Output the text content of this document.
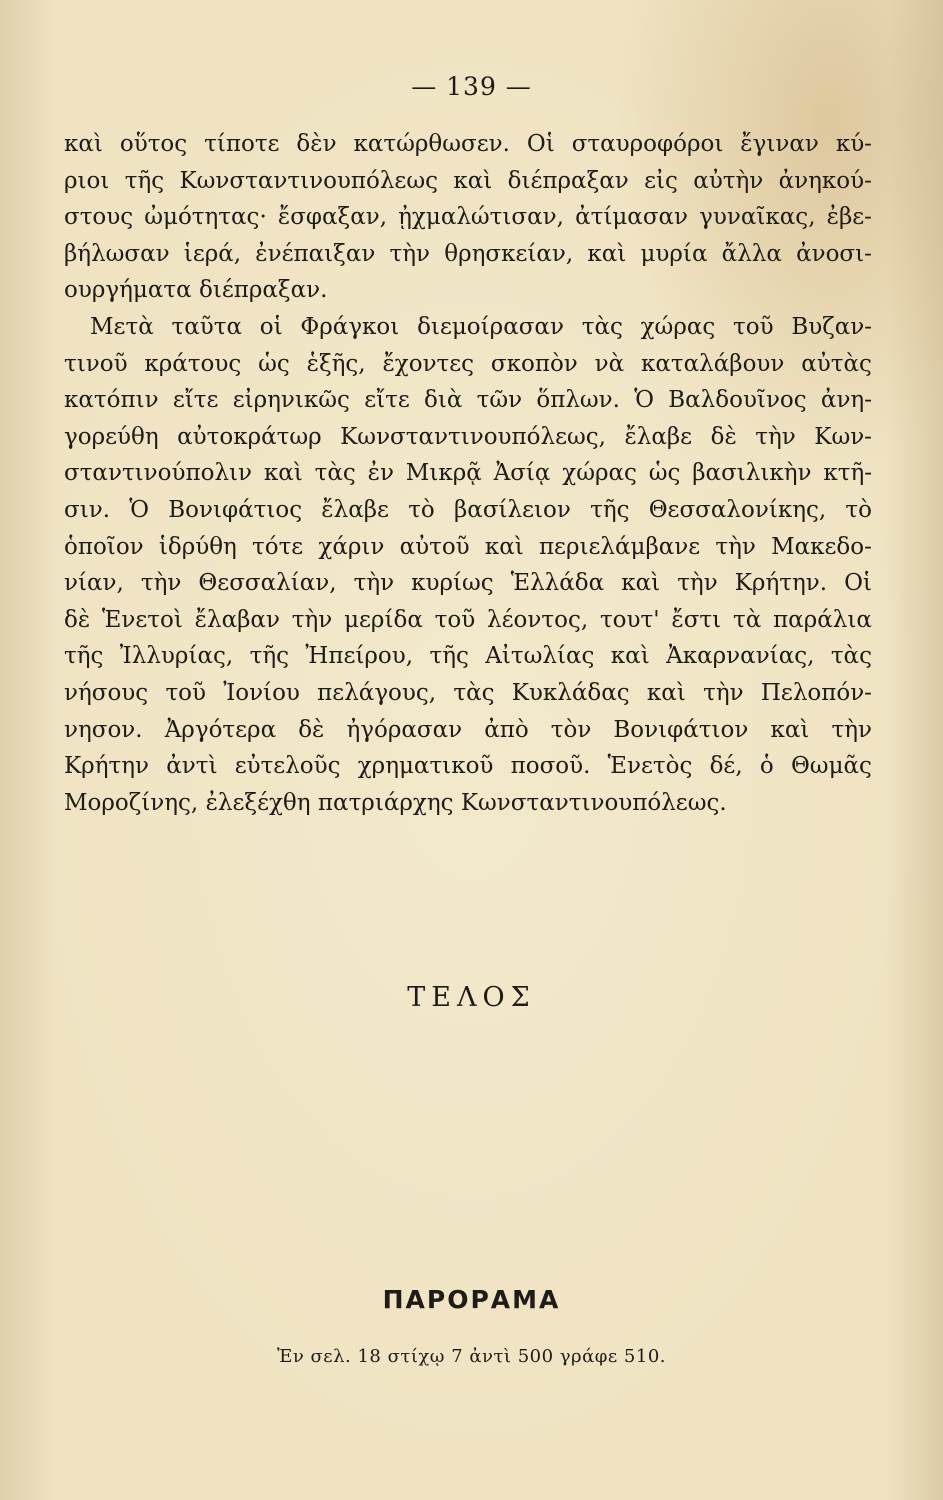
— 139 —
καὶ οὕτος τίποτε δὲν κατώρθωσεν. Οἱ σταυροφόροι ἔγιναν κύ-
ριοι τῆς Κωνσταντινουπόλεως καὶ διέπραξαν εἰς αὐτὴν ἀνηκού-
στους ὠμότητας· ἔσφαξαν, ᾐχμαλώτισαν, ἀτίμασαν γυναῖκας, ἐβε-
βήλωσαν ἱερά, ἐνέπαιξαν τὴν θρησκείαν, καὶ μυρία ἄλλα ἀνοσι-
ουργήματα διέπραξαν.
Μετὰ ταῦτα οἱ Φράγκοι διεμοίρασαν τὰς χώρας τοῦ Βυζαν-
τινοῦ κράτους ὡς ἑξῆς, ἔχοντες σκοπὸν νὰ καταλάβουν αὐτὰς
κατόπιν εἴτε εἰρηνικῶς εἴτε διὰ τῶν ὅπλων. Ὁ Βαλδουῖνος ἀνη-
γορεύθη αὐτοκράτωρ Κωνσταντινουπόλεως, ἔλαβε δὲ τὴν Κων-
σταντινούπολιν καὶ τὰς ἐν Μικρᾷ Ἀσίᾳ χώρας ὡς βασιλικὴν κτῆ-
σιν. Ὁ Βονιφάτιος ἔλαβε τὸ βασίλειον τῆς Θεσσαλονίκης, τὸ
ὁποῖον ἱδρύθη τότε χάριν αὐτοῦ καὶ περιελάμβανε τὴν Μακεδο-
νίαν, τὴν Θεσσαλίαν, τὴν κυρίως Ἑλλάδα καὶ τὴν Κρήτην. Οἱ
δὲ Ἑνετοὶ ἔλαβαν τὴν μερίδα τοῦ λέοντος, τουτ' ἔστι τὰ παράλια
τῆς Ἰλλυρίας, τῆς Ἠπείρου, τῆς Αἰτωλίας καὶ Ἀκαρνανίας, τὰς
νήσους τοῦ Ἰονίου πελάγους, τὰς Κυκλάδας καὶ τὴν Πελοπόν-
νησον. Ἀργότερα δὲ ἠγόρασαν ἀπὸ τὸν Βονιφάτιον καὶ τὴν
Κρήτην ἀντὶ εὐτελοῦς χρηματικοῦ ποσοῦ. Ἑνετὸς δέ, ὁ Θωμᾶς
Μοροζίνης, ἐλεξέχθη πατριάρχης Κωνσταντινουπόλεως.
ΤΕΛΟΣ
ΠΑΡΟΡΑΜΑ
Ἐν σελ. 18 στίχῳ 7 ἀντὶ 500 γράφε 510.
